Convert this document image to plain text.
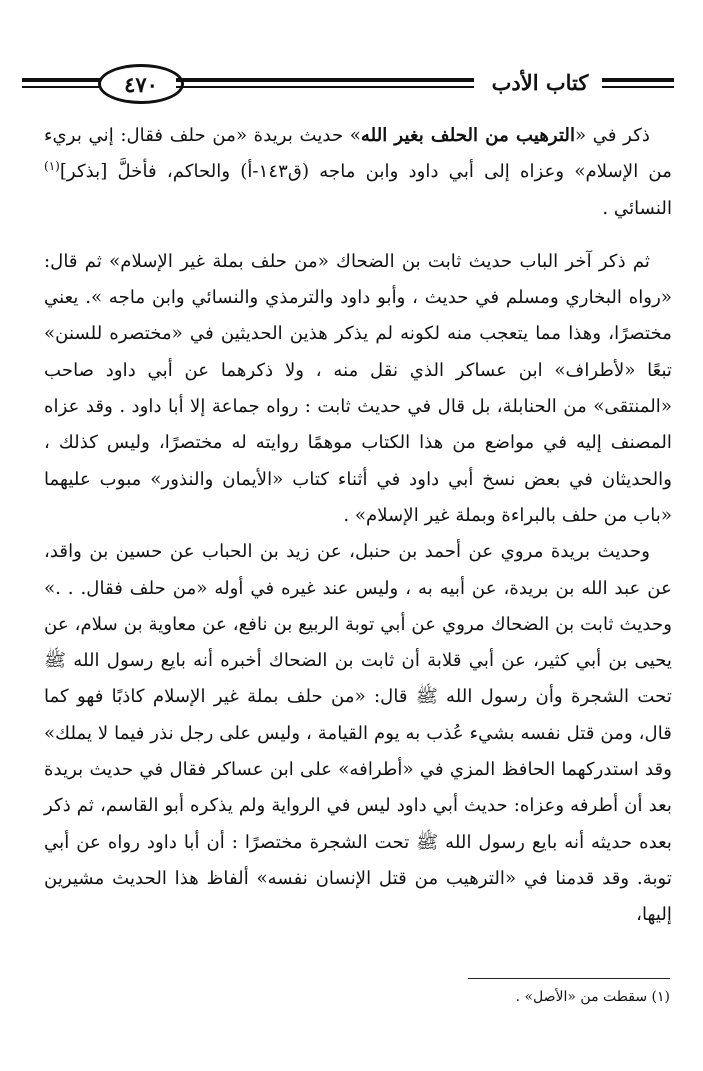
٤٧٠	كتاب الأدب

ذكر في «الترهيب من الحلف بغير الله» حديث بريدة «من حلف فقال: إني بريء من الإسلام» وعزاه إلى أبي داود وابن ماجه (ق١٤٣-أ) والحاكم، فأخلَّ [بذكر]$^{(١)}$ النسائي .

ثم ذكر آخر الباب حديث ثابت بن الضحاك «من حلف بملة غير الإسلام» ثم قال: «رواه البخاري ومسلم في حديث ، وأبو داود والترمذي والنسائي وابن ماجه ». يعني مختصرًا، وهذا مما يتعجب منه لكونه لم يذكر هذين الحديثين في «مختصره للسنن» تبعًا «لأطراف» ابن عساكر الذي نقل منه ، ولا ذكرهما عن أبي داود صاحب «المنتقى» من الحنابلة، بل قال في حديث ثابت : رواه جماعة إلا أبا داود . وقد عزاه المصنف إليه في مواضع من هذا الكتاب موهمًا روايته له مختصرًا، وليس كذلك ، والحديثان في بعض نسخ أبي داود في أثناء كتاب «الأيمان والنذور» مبوب عليهما «باب من حلف بالبراءة وبملة غير الإسلام» .

وحديث بريدة مروي عن أحمد بن حنبل، عن زيد بن الحباب عن حسين بن واقد، عن عبد الله بن بريدة، عن أبيه به ، وليس عند غيره في أوله «من حلف فقال. . .» وحديث ثابت بن الضحاك مروي عن أبي توبة الربيع بن نافع، عن معاوية بن سلام، عن يحيى بن أبي كثير، عن أبي قلابة أن ثابت بن الضحاك أخبره أنه بايع رسول الله ﷺ تحت الشجرة وأن رسول الله ﷺ قال: «من حلف بملة غير الإسلام كاذبًا فهو كما قال، ومن قتل نفسه بشيء عُذب به يوم القيامة ، وليس على رجل نذر فيما لا يملك» وقد استدركهما الحافظ المزي في «أطرافه» على ابن عساكر فقال في حديث بريدة بعد أن أطرفه وعزاه: حديث أبي داود ليس في الرواية ولم يذكره أبو القاسم، ثم ذكر بعده حديثه أنه بايع رسول الله ﷺ تحت الشجرة مختصرًا : أن أبا داود رواه عن أبي توبة. وقد قدمنا في «الترهيب من قتل الإنسان نفسه» ألفاظ هذا الحديث مشيرين إليها،

(١) سقطت من «الأصل» .
